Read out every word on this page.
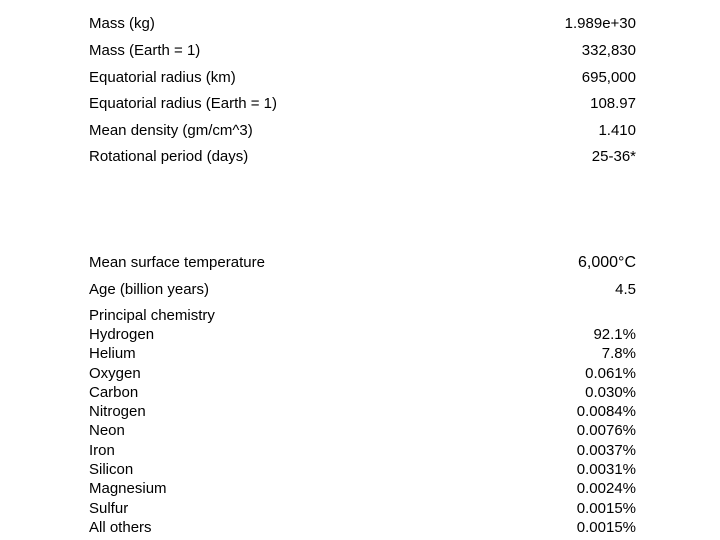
Mass (kg)	1.989e+30
Mass (Earth = 1)	332,830
Equatorial radius (km)	695,000
Equatorial radius (Earth = 1)	108.97
Mean density (gm/cm^3)	1.410
Rotational period (days)	25-36*
Mean surface temperature	6,000°C
Age (billion years)	4.5
Principal chemistry
Hydrogen	92.1%
Helium	7.8%
Oxygen	0.061%
Carbon	0.030%
Nitrogen	0.0084%
Neon	0.0076%
Iron	0.0037%
Silicon	0.0031%
Magnesium	0.0024%
Sulfur	0.0015%
All others	0.0015%
